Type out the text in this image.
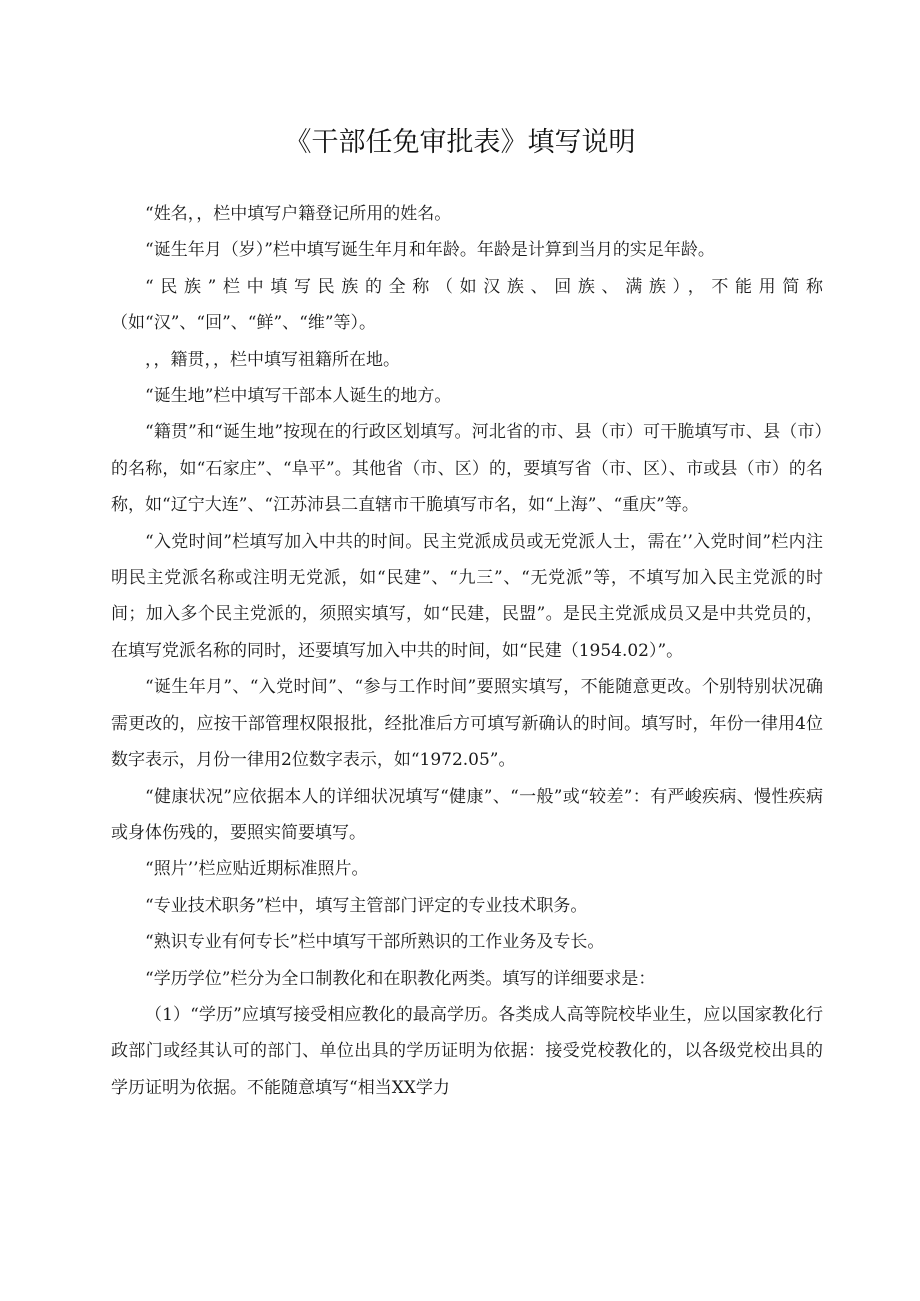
《干部任免审批表》填写说明

“姓名，，栏中填写户籍登记所用的姓名。

“诞生年月（岁）”栏中填写诞生年月和年龄。年龄是计算到当月的实足年龄。

“民族”栏中填写民族的全称（如汉族、回族、满族），不能用简称（如“汉”、“回”、“鲜”、“维”等）。

，，籍贯，，栏中填写祖籍所在地。

“诞生地”栏中填写干部本人诞生的地方。

“籍贯”和“诞生地”按现在的行政区划填写。河北省的市、县（市）可干脆填写市、县（市）的名称，如“石家庄”、“阜平”。其他省（市、区）的，要填写省（市、区）、市或县（市）的名称，如“辽宁大连”、“江苏沛县二直辖市干脆填写市名，如“上海”、“重庆”等。

“入党时间”栏填写加入中共的时间。民主党派成员或无党派人士，需在’’入党时间”栏内注明民主党派名称或注明无党派，如“民建”、“九三”、“无党派”等，不填写加入民主党派的时间；加入多个民主党派的，须照实填写，如“民建，民盟”。是民主党派成员又是中共党员的，在填写党派名称的同时，还要填写加入中共的时间，如“民建（1954.02）”。

“诞生年月”、“入党时间”、“参与工作时间”要照实填写，不能随意更改。个别特别状况确需更改的，应按干部管理权限报批，经批准后方可填写新确认的时间。填写时，年份一律用4位数字表示，月份一律用2位数字表示，如“1972.05”。

“健康状况”应依据本人的详细状况填写“健康”、“一般”或“较差”：有严峻疾病、慢性疾病或身体伤残的，要照实简要填写。

“照片’’栏应贴近期标准照片。

“专业技术职务”栏中，填写主管部门评定的专业技术职务。

“熟识专业有何专长”栏中填写干部所熟识的工作业务及专长。

“学历学位”栏分为全口制教化和在职教化两类。填写的详细要求是：

（1）“学历”应填写接受相应教化的最高学历。各类成人高等院校毕业生，应以国家教化行政部门或经其认可的部门、单位出具的学历证明为依据：接受党校教化的，以各级党校出具的学历证明为依据。不能随意填写“相当XX学力
